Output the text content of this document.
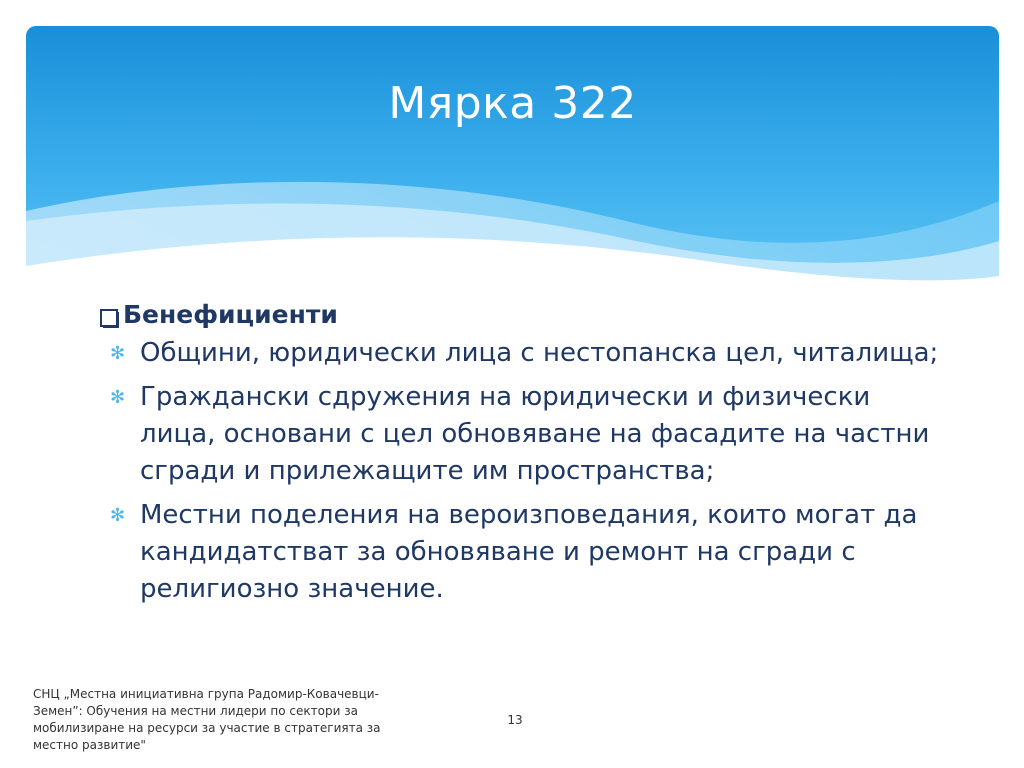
Мярка 322
Бенефициенти
✻ Общини, юридически лица с нестопанска цел, читалища;
✻ Граждански сдружения на юридически и физически лица, основани с цел обновяване на фасадите на частни сгради и прилежащите им пространства;
✻ Местни поделения на вероизповедания, които могат да кандидатстват за обновяване и ремонт на сгради с религиозно значение.
СНЦ „Местна инициативна група Радомир-Ковачевци-Земен”: Обучения на местни лидери по сектори за мобилизиране на ресурси за участие в стратегията за местно развитие"
13
